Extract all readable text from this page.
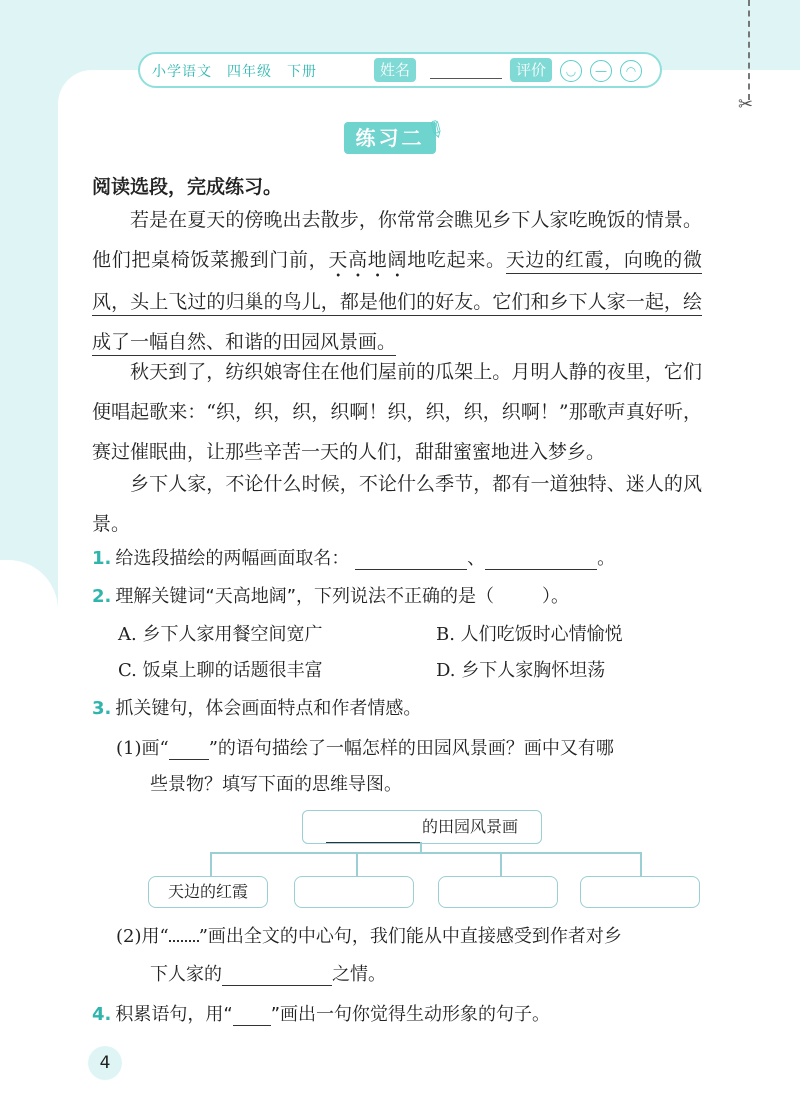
✂
小学语文　四年级　下册	姓名	评价	◡	—	◠
练习二
✎
阅读选段，完成练习。

若是在夏天的傍晚出去散步，你常常会瞧见乡下人家吃晚饭的情景。他们把桌椅饭菜搬到门前，天高地阔地吃起来。天边的红霞，向晚的微风，头上飞过的归巢的鸟儿，都是他们的好友。它们和乡下人家一起，绘成了一幅自然、和谐的田园风景画。

秋天到了，纺织娘寄住在他们屋前的瓜架上。月明人静的夜里，它们便唱起歌来：“织，织，织，织啊！织，织，织，织啊！”那歌声真好听，赛过催眠曲，让那些辛苦一天的人们，甜甜蜜蜜地进入梦乡。

乡下人家，不论什么时候，不论什么季节，都有一道独特、迷人的风景。

1. 给选段描绘的两幅画面取名：	、	。
2. 理解关键词“天高地阔”，下列说法不正确的是（	）。
A. 乡下人家用餐空间宽广	B. 人们吃饭时心情愉悦
C. 饭桌上聊的话题很丰富	D. 乡下人家胸怀坦荡
3. 抓关键句，体会画面特点和作者情感。
(1)画“ ”的语句描绘了一幅怎样的田园风景画？画中又有哪
些景物？填写下面的思维导图。
的田园风景画
天边的红霞
(2)用“ ”画出全文的中心句，我们能从中直接感受到作者对乡
下人家的	之情。
4. 积累语句，用“ ”画出一句你觉得生动形象的句子。
4
